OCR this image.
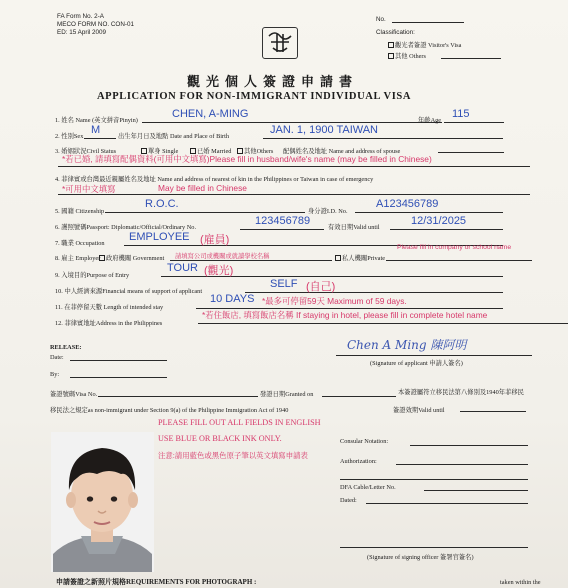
FA Form No. 2-A
MECO FORM NO. CON-01
ED: 15 April 2009
No.
Classification:
觀光者簽證 Visitor's Visa
其他 Others
觀光個人簽證申請書
APPLICATION FOR NON-IMMIGRANT INDIVIDUAL VISA
1. 姓名 Name (英文拼音Pinyin)
CHEN, A-MING
年齡Age
115
2. 性別Sex
M
出生年月日及地點 Date and Place of Birth
JAN. 1, 1900 TAIWAN
3. 婚姻狀況Civil Status	單身 Single	已婚 Married	其他Others 配偶姓名及地址 Name and address of spouse
*若已婚, 請填寫配偶資料(可用中文填寫)Please fill in husband/wife's name (may be filled in Chinese)
4. 菲律賓或台灣最近親屬姓名及地址 Name and address of nearest of kin in the Philippines or Taiwan in case of emergency
*可用中文填寫	May be filled in Chinese
5. 國籍 Citizenship
R.O.C.
身分證I.D. No.
A123456789
6. 護照號碼Passport: Diplomatic/Official/Ordinary No.
123456789
有效日期Valid until
12/31/2025
7. 職業 Occupation
EMPLOYEE (雇員)
8. 雇主 Employer 政府機關 Government 請填寫公司或機關或就讀學校名稱	私人機關Private
Please fill in company or school name
9. 入境目的Purpose of Entry
TOUR (觀光)
10. 中人經濟來源Financial means of support of applicant
SELF (自己)
11. 在菲停留天數 Length of intended stay
10 DAYS *最多可停留59天 Maximum of 59 days.
12. 菲律賓地址Address in the Philippines
*若住飯店, 填寫飯店名稱 If staying in hotel, please fill in complete hotel name
RELEASE:
Date:
By:
Chen A Ming 陳阿明
(Signature of applicant 申請人簽名)
簽證號碼Visa No.	發證日期Granted on	本簽證屬符立移民法第八條別及1940年菲移民
移民法之規定as non-immigrant under Section 9(a) of the Philippine Immigration Act of 1940	簽證效期Valid until
PLEASE FILL OUT ALL FIELDS IN ENGLISH
USE BLUE OR BLACK INK ONLY.
注意:請用藍色或黑色原子筆以英文填寫申請表
Consular Notation:
Authorization:
DFA Cable/Letter No.
Dated:
(Signature of signing officer 簽署官簽名)
申請簽證之新照片規格REQUIREMENTS FOR PHOTOGRAPH :	taken within the
